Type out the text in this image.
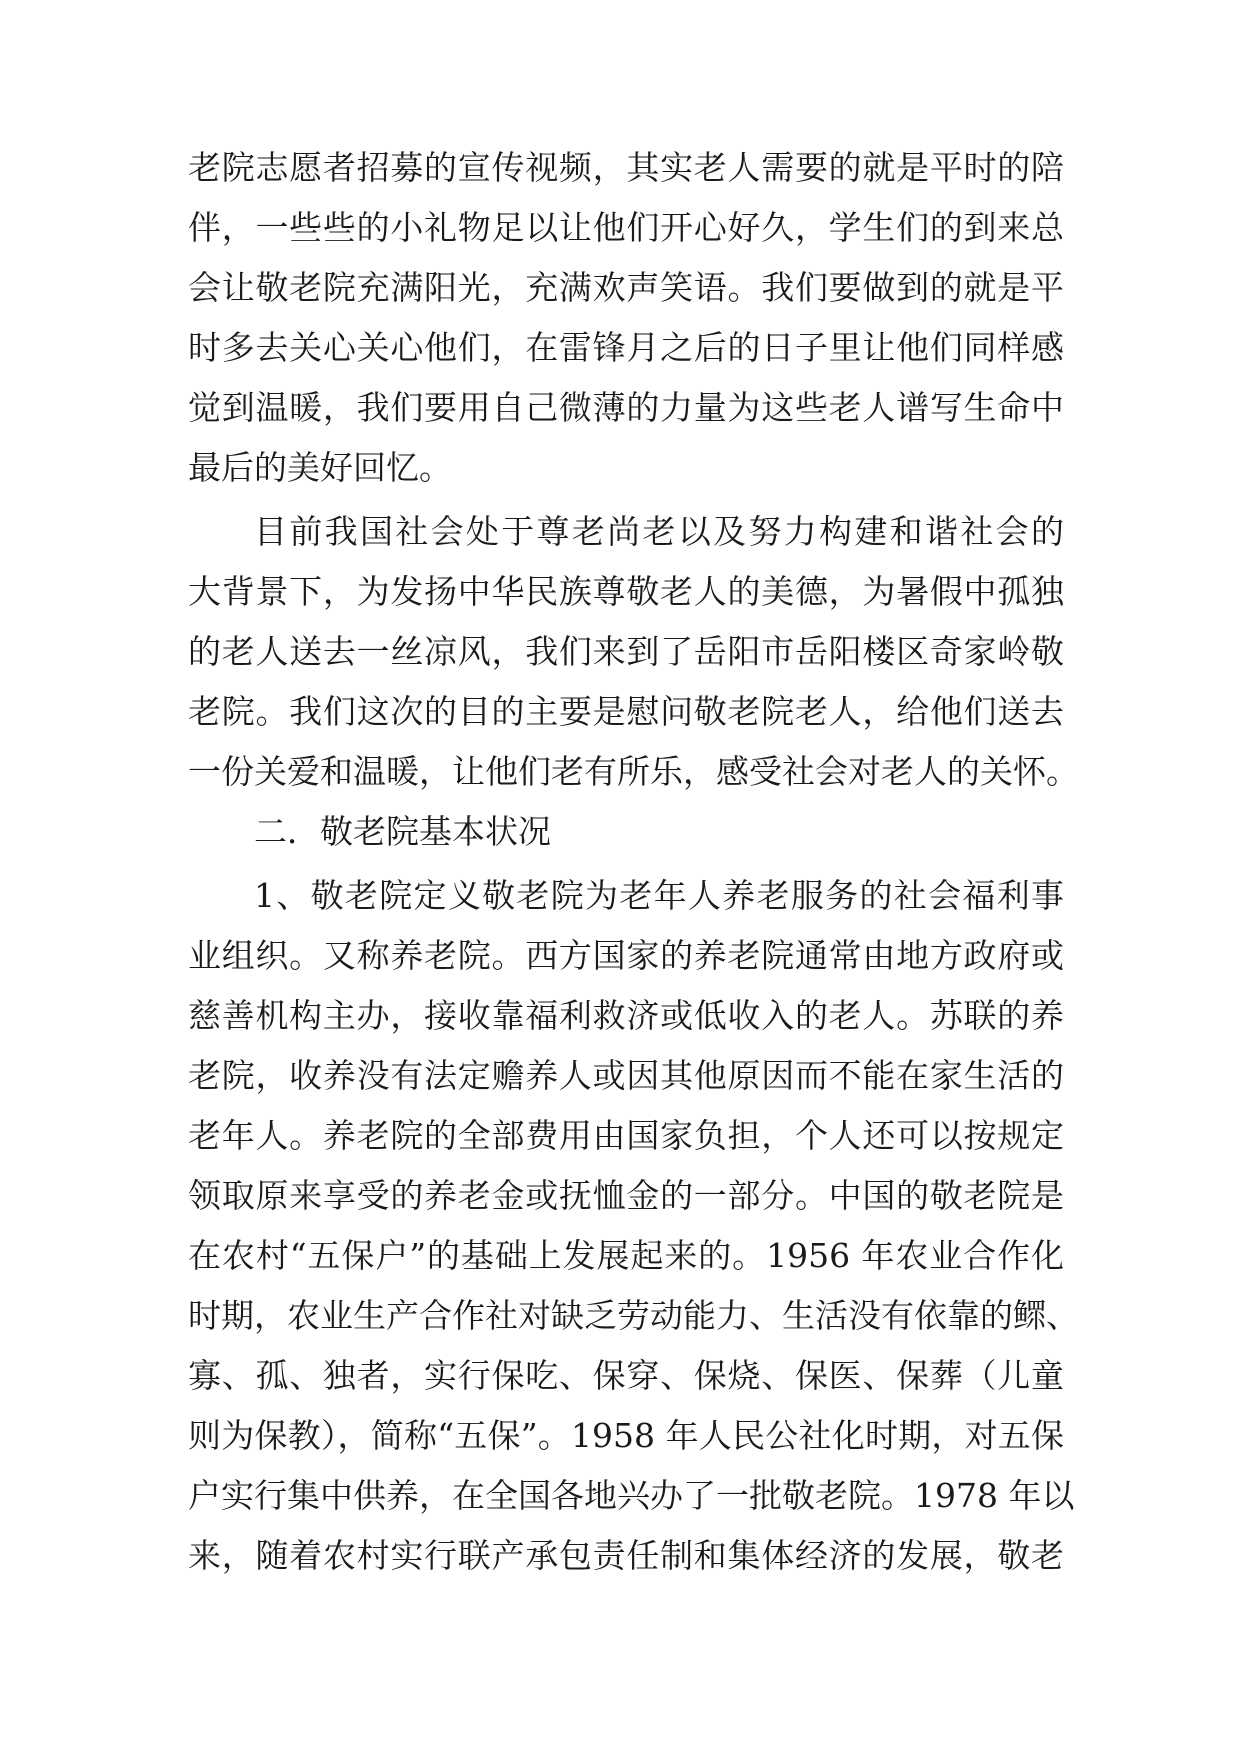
老院志愿者招募的宣传视频，其实老人需要的就是平时的陪
伴，一些些的小礼物足以让他们开心好久，学生们的到来总
会让敬老院充满阳光，充满欢声笑语。我们要做到的就是平
时多去关心关心他们，在雷锋月之后的日子里让他们同样感
觉到温暖，我们要用自己微薄的力量为这些老人谱写生命中
最后的美好回忆。
目前我国社会处于尊老尚老以及努力构建和谐社会的
大背景下，为发扬中华民族尊敬老人的美德，为暑假中孤独
的老人送去一丝凉风，我们来到了岳阳市岳阳楼区奇家岭敬
老院。我们这次的目的主要是慰问敬老院老人，给他们送去
一份关爱和温暖，让他们老有所乐，感受社会对老人的关怀。
二．敬老院基本状况
1、敬老院定义敬老院为老年人养老服务的社会福利事
业组织。又称养老院。西方国家的养老院通常由地方政府或
慈善机构主办，接收靠福利救济或低收入的老人。苏联的养
老院，收养没有法定赡养人或因其他原因而不能在家生活的
老年人。养老院的全部费用由国家负担，个人还可以按规定
领取原来享受的养老金或抚恤金的一部分。中国的敬老院是
在农村“五保户”的基础上发展起来的。1956 年农业合作化
时期，农业生产合作社对缺乏劳动能力、生活没有依靠的鳏、
寡、孤、独者，实行保吃、保穿、保烧、保医、保葬（儿童
则为保教），简称“五保”。1958 年人民公社化时期，对五保
户实行集中供养，在全国各地兴办了一批敬老院。1978 年以
来，随着农村实行联产承包责任制和集体经济的发展，敬老
